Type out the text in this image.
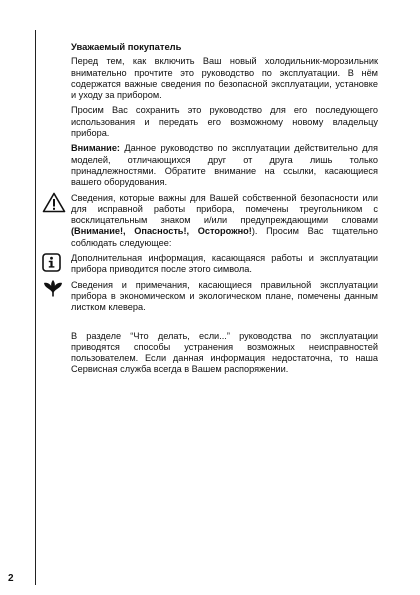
Уважаемый покупатель

Перед тем, как включить Ваш новый холодильник-морозильник внимательно прочтите это руководство по эксплуатации. В нём содержатся важные сведения по безопасной эксплуатации, установке и уходу за прибором.

Просим Вас сохранить это руководство для его последующего использования и передать его возможному новому владельцу прибора.

Внимание: Данное руководство по эксплуатации действительно для моделей, отличающихся друг от друга лишь только принадлежностями. Обратите внимание на ссылки, касающиеся вашего оборудования.

Сведения, которые важны для Вашей собственной безопасности или для исправной работы прибора, помечены треугольником с восклицательным знаком и/или предупреждающими словами (Внимание!, Опасность!, Осторожно!). Просим Вас тщательно соблюдать следующее:

Дополнительная информация, касающаяся работы и эксплуатации прибора приводится после этого символа.

Сведения и примечания, касающиеся правильной эксплуатации прибора в экономическом и экологическом плане, помечены данным листком клевера.

В разделе “Что делать, если...” руководства по эксплуатации приводятся способы устранения возможных неисправностей пользователем. Если данная информация недостаточна, то наша Сервисная служба всегда в Вашем распоряжении.

2
